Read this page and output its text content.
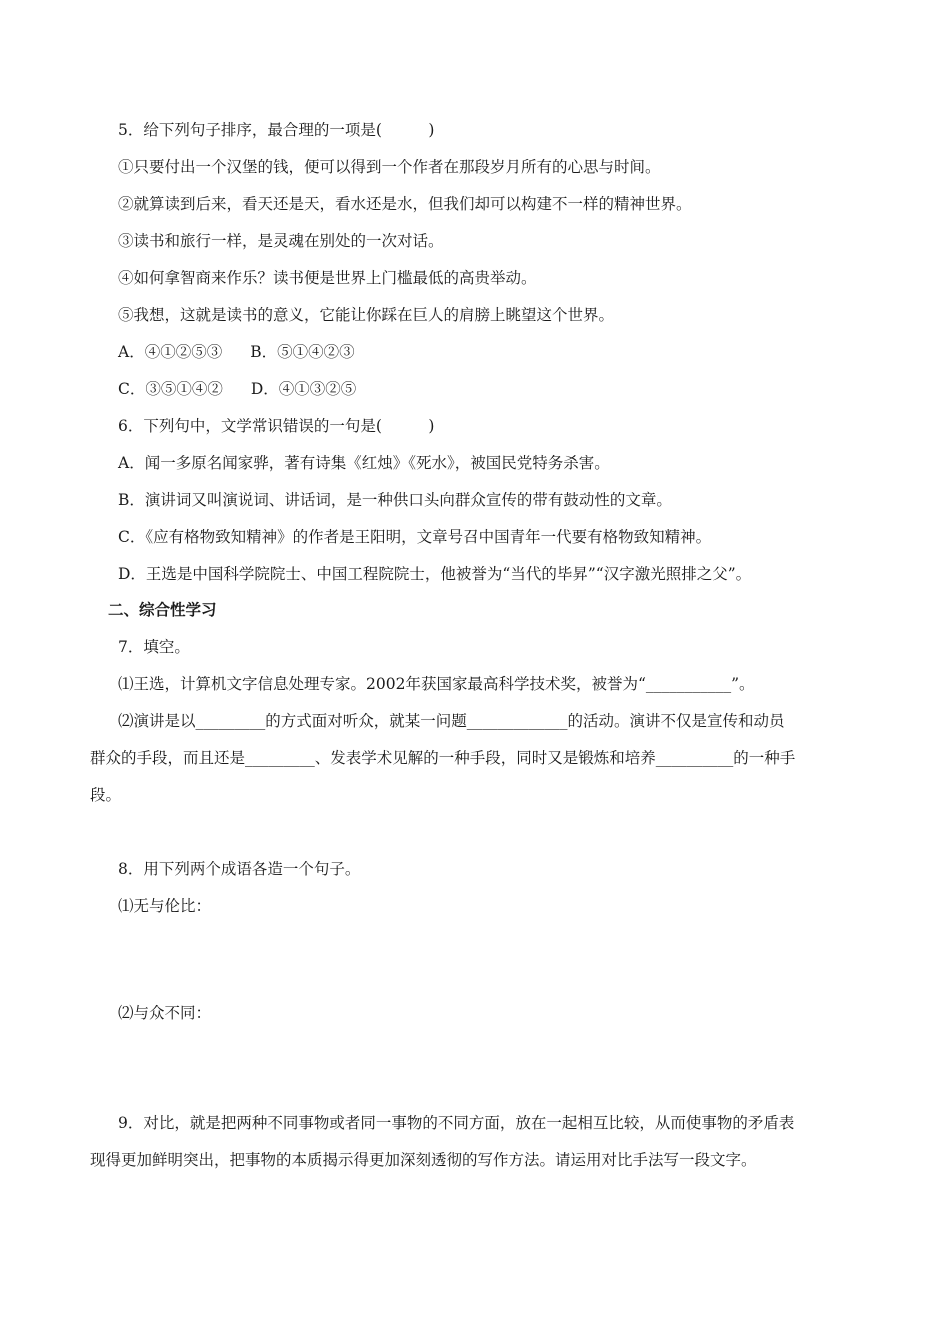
5．给下列句子排序，最合理的一项是(　　　)
①只要付出一个汉堡的钱，便可以得到一个作者在那段岁月所有的心思与时间。
②就算读到后来，看天还是天，看水还是水，但我们却可以构建不一样的精神世界。
③读书和旅行一样，是灵魂在别处的一次对话。
④如何拿智商来作乐？读书便是世界上门槛最低的高贵举动。
⑤我想，这就是读书的意义，它能让你踩在巨人的肩膀上眺望这个世界。
A．④①②⑤③ B．⑤①④②③
C．③⑤①④② D．④①③②⑤
6．下列句中，文学常识错误的一句是(　　　)
A．闻一多原名闻家骅，著有诗集《红烛》《死水》，被国民党特务杀害。
B．演讲词又叫演说词、讲话词，是一种供口头向群众宣传的带有鼓动性的文章。
C．《应有格物致知精神》的作者是王阳明，文章号召中国青年一代要有格物致知精神。
D．王选是中国科学院院士、中国工程院院士，他被誉为“当代的毕昇”“汉字激光照排之父”。
二、综合性学习
7．填空。
⑴王选，计算机文字信息处理专家。2002年获国家最高科学技术奖，被誉为“___________”。
⑵演讲是以_________的方式面对听众，就某一问题_____________的活动。演讲不仅是宣传和动员
群众的手段，而且还是_________、发表学术见解的一种手段，同时又是锻炼和培养__________的一种手
段。
8．用下列两个成语各造一个句子。
⑴无与伦比：
⑵与众不同：
9．对比，就是把两种不同事物或者同一事物的不同方面，放在一起相互比较，从而使事物的矛盾表
现得更加鲜明突出，把事物的本质揭示得更加深刻透彻的写作方法。请运用对比手法写一段文字。
